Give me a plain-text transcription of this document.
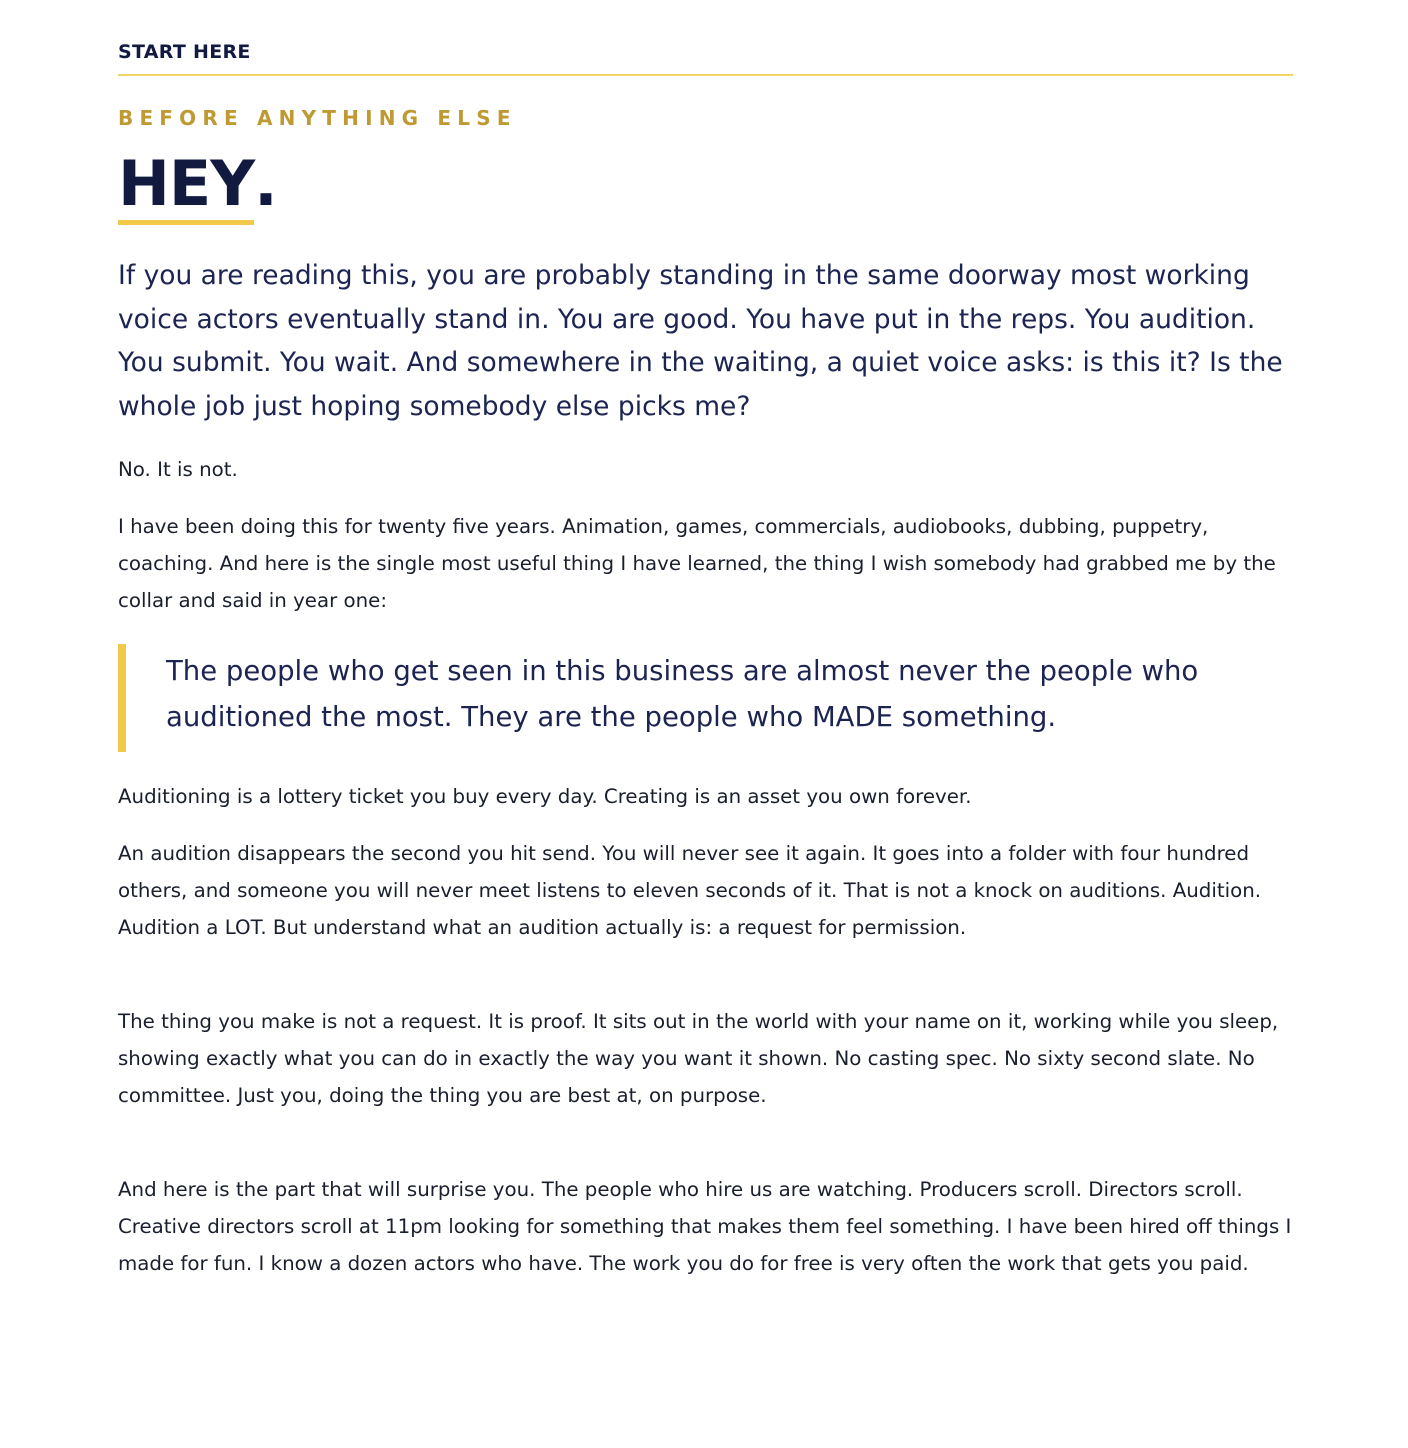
START HERE
BEFORE ANYTHING ELSE
HEY.

If you are reading this, you are probably standing in the same doorway most working voice actors eventually stand in. You are good. You have put in the reps. You audition. You submit. You wait. And somewhere in the waiting, a quiet voice asks: is this it? Is the whole job just hoping somebody else picks me?

No. It is not.

I have been doing this for twenty five years. Animation, games, commercials, audiobooks, dubbing, puppetry, coaching. And here is the single most useful thing I have learned, the thing I wish somebody had grabbed me by the collar and said in year one:

The people who get seen in this business are almost never the people who auditioned the most. They are the people who MADE something.

Auditioning is a lottery ticket you buy every day. Creating is an asset you own forever.

An audition disappears the second you hit send. You will never see it again. It goes into a folder with four hundred others, and someone you will never meet listens to eleven seconds of it. That is not a knock on auditions. Audition. Audition a LOT. But understand what an audition actually is: a request for permission.

The thing you make is not a request. It is proof. It sits out in the world with your name on it, working while you sleep, showing exactly what you can do in exactly the way you want it shown. No casting spec. No sixty second slate. No committee. Just you, doing the thing you are best at, on purpose.

And here is the part that will surprise you. The people who hire us are watching. Producers scroll. Directors scroll. Creative directors scroll at 11pm looking for something that makes them feel something. I have been hired off things I made for fun. I know a dozen actors who have. The work you do for free is very often the work that gets you paid.
